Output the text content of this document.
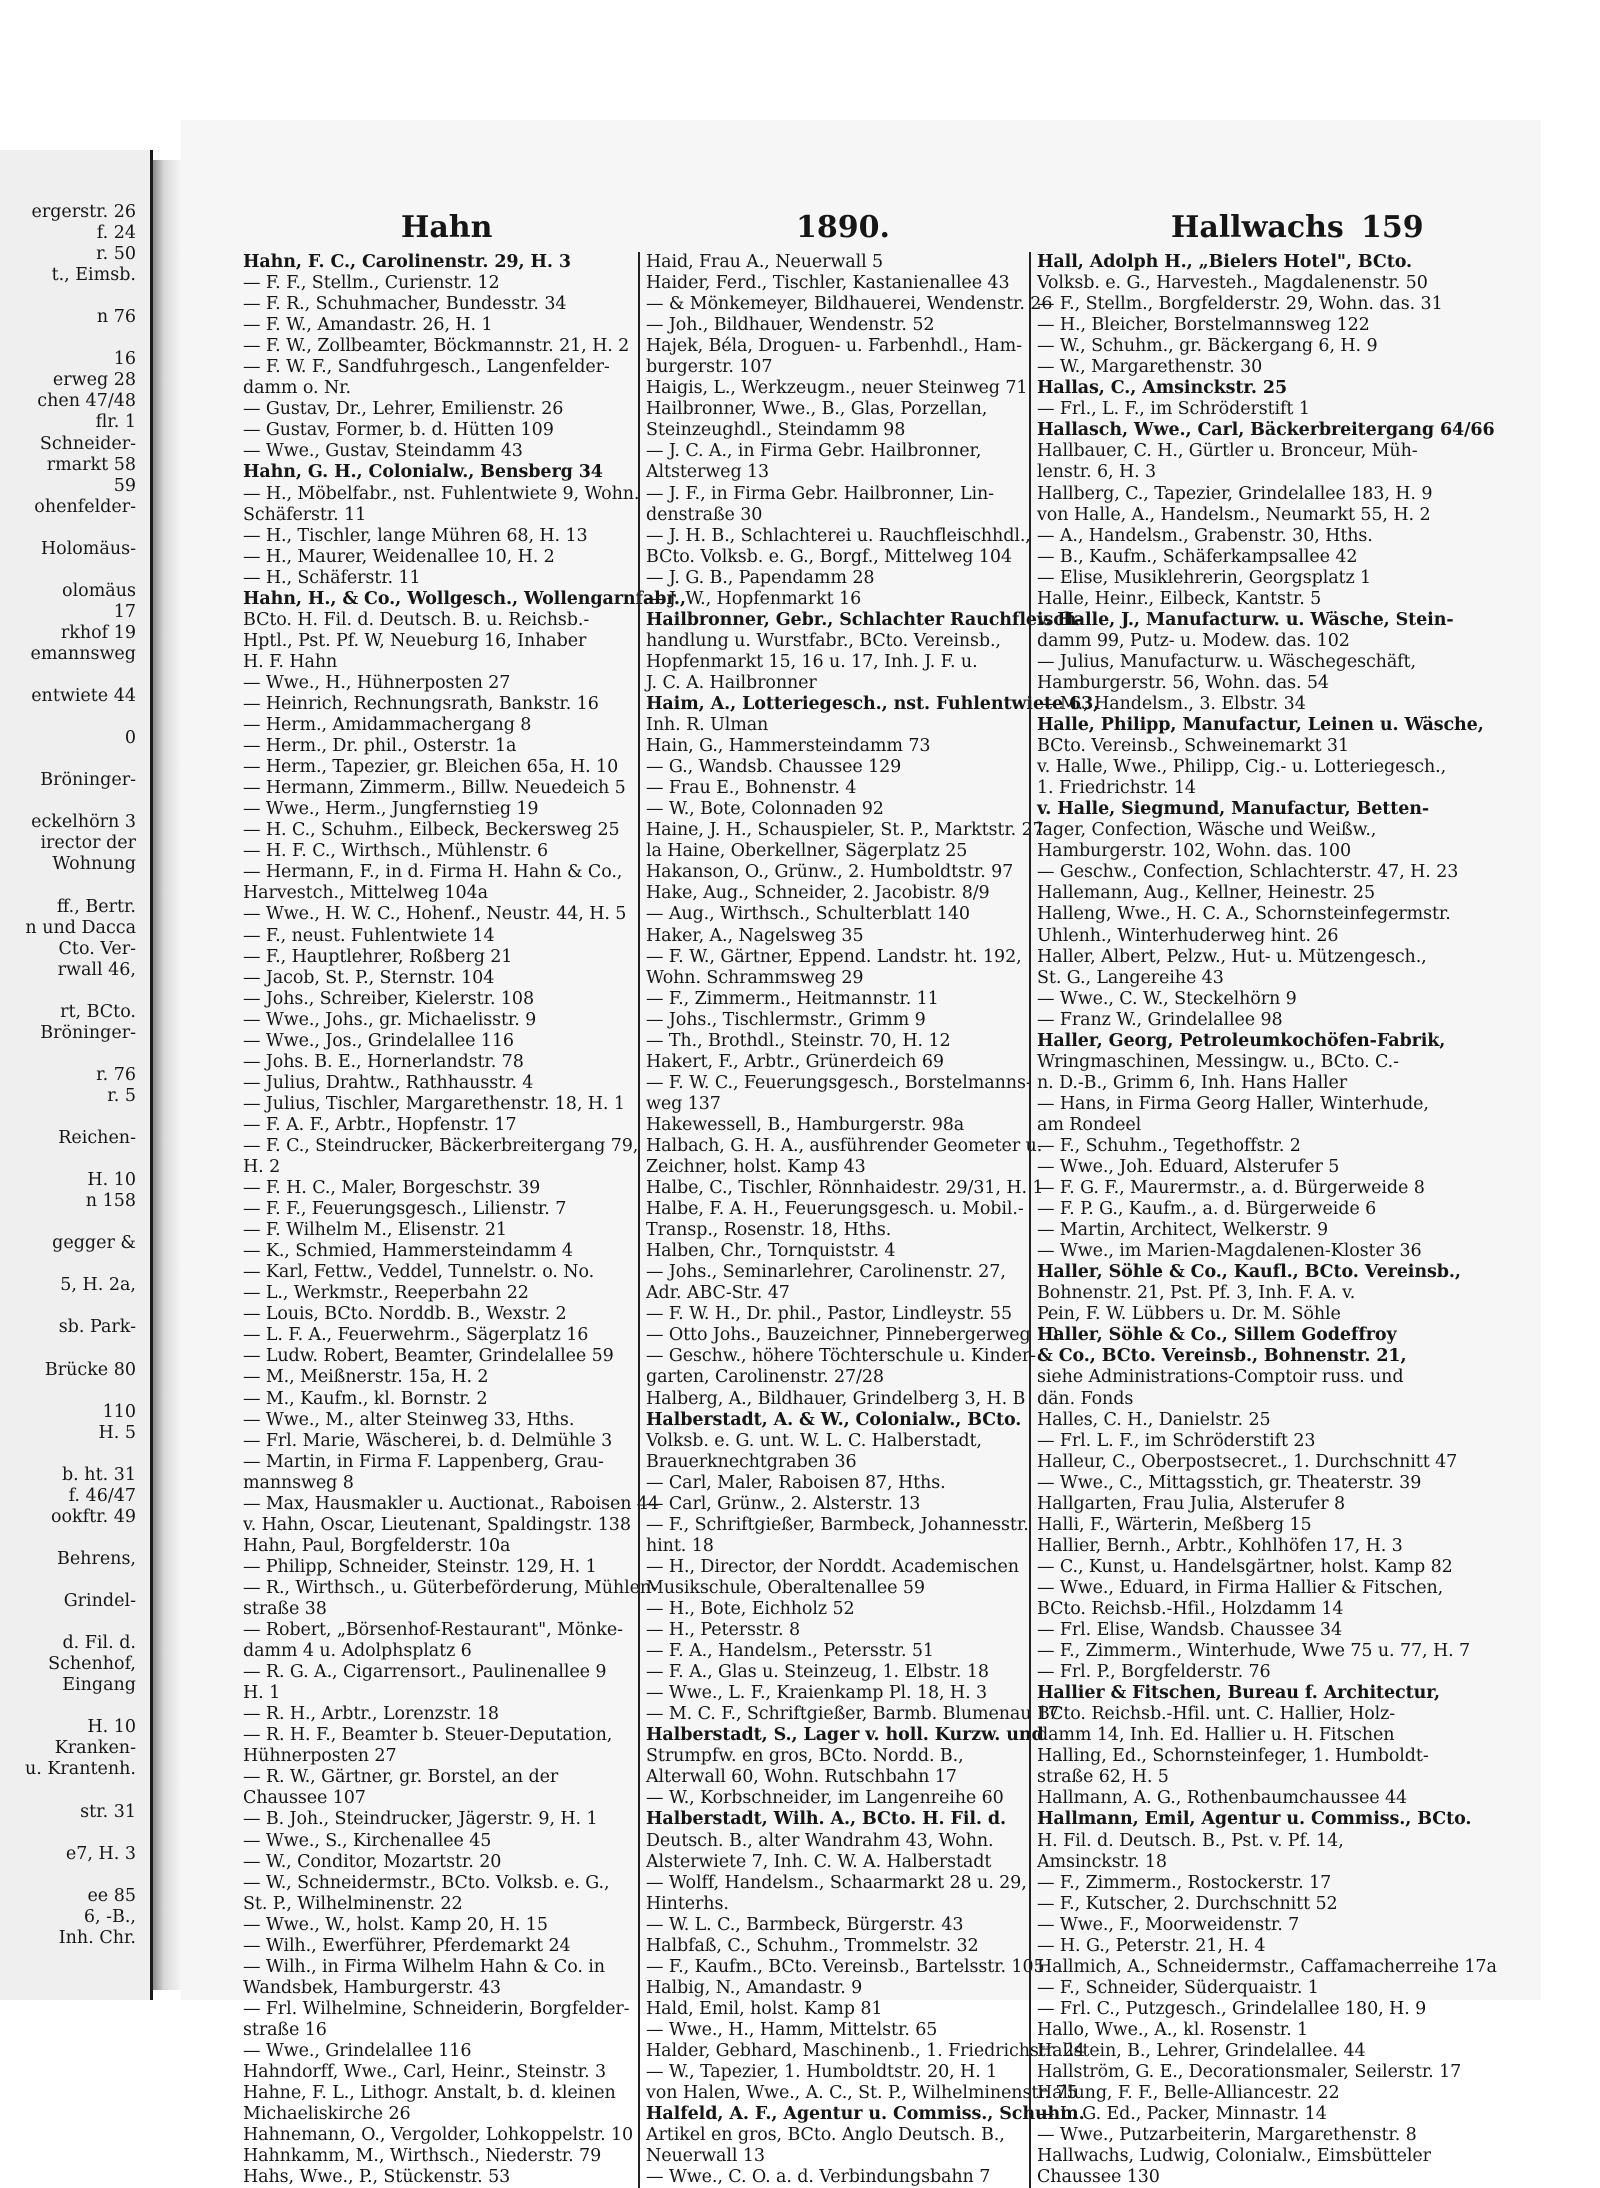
ergerstr. 26
f. 24
r. 50
t., Eimsb.

n 76

16
erweg 28
chen 47/48
flr. 1
Schneider-
rmarkt 58
59
ohenfelder-

Holomäus-

olomäus
17
rkhof 19
emannsweg

entwiete 44

0

Bröninger-

eckelhörn 3
irector der
Wohnung

ff., Bertr.
n und Dacca
Cto. Ver-
rwall 46,

rt, BCto.
Bröninger-

r. 76
r. 5

Reichen-

H. 10
n 158

gegger &

5, H. 2a,

sb. Park-

Brücke 80

110
H. 5

b. ht. 31
f. 46/47
ookftr. 49

Behrens,

Grindel-

d. Fil. d.
Schenhof,
Eingang

H. 10
Kranken-
u. Krantenh.

str. 31

e7, H. 3

ee 85
6, -B.,
Inh. Chr.
Hahn	1890.	Hallwachs 159
Hahn, F. C., Carolinenstr. 29, H. 3
— F. F., Stellm., Curienstr. 12
— F. R., Schuhmacher, Bundesstr. 34
— F. W., Amandastr. 26, H. 1
— F. W., Zollbeamter, Böckmannstr. 21, H. 2
— F. W. F., Sandfuhrgesch., Langenfelder-
damm o. Nr.
— Gustav, Dr., Lehrer, Emilienstr. 26
— Gustav, Former, b. d. Hütten 109
— Wwe., Gustav, Steindamm 43
Hahn, G. H., Colonialw., Bensberg 34
— H., Möbelfabr., nst. Fuhlentwiete 9, Wohn.
Schäferstr. 11
— H., Tischler, lange Mühren 68, H. 13
— H., Maurer, Weidenallee 10, H. 2
— H., Schäferstr. 11
Hahn, H., & Co., Wollgesch., Wollengarnfabr.,
BCto. H. Fil. d. Deutsch. B. u. Reichsb.-
Hptl., Pst. Pf. W, Neueburg 16, Inhaber
H. F. Hahn
— Wwe., H., Hühnerposten 27
— Heinrich, Rechnungsrath, Bankstr. 16
— Herm., Amidammachergang 8
— Herm., Dr. phil., Osterstr. 1a
— Herm., Tapezier, gr. Bleichen 65a, H. 10
— Hermann, Zimmerm., Billw. Neuedeich 5
— Wwe., Herm., Jungfernstieg 19
— H. C., Schuhm., Eilbeck, Beckersweg 25
— H. F. C., Wirthsch., Mühlenstr. 6
— Hermann, F., in d. Firma H. Hahn & Co.,
Harvestch., Mittelweg 104a
— Wwe., H. W. C., Hohenf., Neustr. 44, H. 5
— F., neust. Fuhlentwiete 14
— F., Hauptlehrer, Roßberg 21
— Jacob, St. P., Sternstr. 104
— Johs., Schreiber, Kielerstr. 108
— Wwe., Johs., gr. Michaelisstr. 9
— Wwe., Jos., Grindelallee 116
— Johs. B. E., Hornerlandstr. 78
— Julius, Drahtw., Rathhausstr. 4
— Julius, Tischler, Margarethenstr. 18, H. 1
— F. A. F., Arbtr., Hopfenstr. 17
— F. C., Steindrucker, Bäckerbreitergang 79,
H. 2
— F. H. C., Maler, Borgeschstr. 39
— F. F., Feuerungsgesch., Lilienstr. 7
— F. Wilhelm M., Elisenstr. 21
— K., Schmied, Hammersteindamm 4
— Karl, Fettw., Veddel, Tunnelstr. o. No.
— L., Werkmstr., Reeperbahn 22
— Louis, BCto. Norddb. B., Wexstr. 2
— L. F. A., Feuerwehrm., Sägerplatz 16
— Ludw. Robert, Beamter, Grindelallee 59
— M., Meißnerstr. 15a, H. 2
— M., Kaufm., kl. Bornstr. 2
— Wwe., M., alter Steinweg 33, Hths.
— Frl. Marie, Wäscherei, b. d. Delmühle 3
— Martin, in Firma F. Lappenberg, Grau-
mannsweg 8
— Max, Hausmakler u. Auctionat., Raboisen 44
v. Hahn, Oscar, Lieutenant, Spaldingstr. 138
Hahn, Paul, Borgfelderstr. 10a
— Philipp, Schneider, Steinstr. 129, H. 1
— R., Wirthsch., u. Güterbeförderung, Mühlen-
straße 38
— Robert, „Börsenhof-Restaurant", Mönke-
damm 4 u. Adolphsplatz 6
— R. G. A., Cigarrensort., Paulinenallee 9
H. 1
— R. H., Arbtr., Lorenzstr. 18
— R. H. F., Beamter b. Steuer-Deputation,
Hühnerposten 27
— R. W., Gärtner, gr. Borstel, an der
Chaussee 107
— B. Joh., Steindrucker, Jägerstr. 9, H. 1
— Wwe., S., Kirchenallee 45
— W., Conditor, Mozartstr. 20
— W., Schneidermstr., BCto. Volksb. e. G.,
St. P., Wilhelminenstr. 22
— Wwe., W., holst. Kamp 20, H. 15
— Wilh., Ewerführer, Pferdemarkt 24
— Wilh., in Firma Wilhelm Hahn & Co. in
Wandsbek, Hamburgerstr. 43
— Frl. Wilhelmine, Schneiderin, Borgfelder-
straße 16
— Wwe., Grindelallee 116
Hahndorff, Wwe., Carl, Heinr., Steinstr. 3
Hahne, F. L., Lithogr. Anstalt, b. d. kleinen
Michaeliskirche 26
Hahnemann, O., Vergolder, Lohkoppelstr. 10
Hahnkamm, M., Wirthsch., Niederstr. 79
Hahs, Wwe., P., Stückenstr. 53
Haid, Frau A., Neuerwall 5
Haider, Ferd., Tischler, Kastanienallee 43
— & Mönkemeyer, Bildhauerei, Wendenstr. 26
— Joh., Bildhauer, Wendenstr. 52
Hajek, Béla, Droguen- u. Farbenhdl., Ham-
burgerstr. 107
Haigis, L., Werkzeugm., neuer Steinweg 71
Hailbronner, Wwe., B., Glas, Porzellan,
Steinzeughdl., Steindamm 98
— J. C. A., in Firma Gebr. Hailbronner,
Altsterweg 13
— J. F., in Firma Gebr. Hailbronner, Lin-
denstraße 30
— J. H. B., Schlachterei u. Rauchfleischhdl.,
BCto. Volksb. e. G., Borgf., Mittelweg 104
— J. G. B., Papendamm 28
— J. W., Hopfenmarkt 16
Hailbronner, Gebr., Schlachter Rauchfleisch-
handlung u. Wurstfabr., BCto. Vereinsb.,
Hopfenmarkt 15, 16 u. 17, Inh. J. F. u.
J. C. A. Hailbronner
Haim, A., Lotteriegesch., nst. Fuhlentwiete 63,
Inh. R. Ulman
Hain, G., Hammersteindamm 73
— G., Wandsb. Chaussee 129
— Frau E., Bohnenstr. 4
— W., Bote, Colonnaden 92
Haine, J. H., Schauspieler, St. P., Marktstr. 27
la Haine, Oberkellner, Sägerplatz 25
Hakanson, O., Grünw., 2. Humboldtstr. 97
Hake, Aug., Schneider, 2. Jacobistr. 8/9
— Aug., Wirthsch., Schulterblatt 140
Haker, A., Nagelsweg 35
— F. W., Gärtner, Eppend. Landstr. ht. 192,
Wohn. Schrammsweg 29
— F., Zimmerm., Heitmannstr. 11
— Johs., Tischlermstr., Grimm 9
— Th., Brothdl., Steinstr. 70, H. 12
Hakert, F., Arbtr., Grünerdeich 69
— F. W. C., Feuerungsgesch., Borstelmanns-
weg 137
Hakewessell, B., Hamburgerstr. 98a
Halbach, G. H. A., ausführender Geometer u.
Zeichner, holst. Kamp 43
Halbe, C., Tischler, Rönnhaidestr. 29/31, H. 1
Halbe, F. A. H., Feuerungsgesch. u. Mobil.-
Transp., Rosenstr. 18, Hths.
Halben, Chr., Tornquiststr. 4
— Johs., Seminarlehrer, Carolinenstr. 27,
Adr. ABC-Str. 47
— F. W. H., Dr. phil., Pastor, Lindleystr. 55
— Otto Johs., Bauzeichner, Pinnebergerweg 10
— Geschw., höhere Töchterschule u. Kinder-
garten, Carolinenstr. 27/28
Halberg, A., Bildhauer, Grindelberg 3, H. B
Halberstadt, A. & W., Colonialw., BCto.
Volksb. e. G. unt. W. L. C. Halberstadt,
Brauerknechtgraben 36
— Carl, Maler, Raboisen 87, Hths.
— Carl, Grünw., 2. Alsterstr. 13
— F., Schriftgießer, Barmbeck, Johannesstr.
hint. 18
— H., Director, der Norddt. Academischen
Musikschule, Oberaltenallee 59
— H., Bote, Eichholz 52
— H., Petersstr. 8
— F. A., Handelsm., Petersstr. 51
— F. A., Glas u. Steinzeug, 1. Elbstr. 18
— Wwe., L. F., Kraienkamp Pl. 18, H. 3
— M. C. F., Schriftgießer, Barmb. Blumenau 17
Halberstadt, S., Lager v. holl. Kurzw. und
Strumpfw. en gros, BCto. Nordd. B.,
Alterwall 60, Wohn. Rutschbahn 17
— W., Korbschneider, im Langenreihe 60
Halberstadt, Wilh. A., BCto. H. Fil. d.
Deutsch. B., alter Wandrahm 43, Wohn.
Alsterwiete 7, Inh. C. W. A. Halberstadt
— Wolff, Handelsm., Schaarmarkt 28 u. 29,
Hinterhs.
— W. L. C., Barmbeck, Bürgerstr. 43
Halbfaß, C., Schuhm., Trommelstr. 32
— F., Kaufm., BCto. Vereinsb., Bartelsstr. 105
Halbig, N., Amandastr. 9
Hald, Emil, holst. Kamp 81
— Wwe., H., Hamm, Mittelstr. 65
Halder, Gebhard, Maschinenb., 1. Friedrichstr. 24
— W., Tapezier, 1. Humboldtstr. 20, H. 1
von Halen, Wwe., A. C., St. P., Wilhelminenstr. 75
Halfeld, A. F., Agentur u. Commiss., Schuhm.
Artikel en gros, BCto. Anglo Deutsch. B.,
Neuerwall 13
— Wwe., C. O. a. d. Verbindungsbahn 7
Hall, Adolph H., „Bielers Hotel", BCto.
Volksb. e. G., Harvesteh., Magdalenenstr. 50
— F., Stellm., Borgfelderstr. 29, Wohn. das. 31
— H., Bleicher, Borstelmannsweg 122
— W., Schuhm., gr. Bäckergang 6, H. 9
— W., Margarethenstr. 30
Hallas, C., Amsinckstr. 25
— Frl., L. F., im Schröderstift 1
Hallasch, Wwe., Carl, Bäckerbreitergang 64/66
Hallbauer, C. H., Gürtler u. Bronceur, Müh-
lenstr. 6, H. 3
Hallberg, C., Tapezier, Grindelallee 183, H. 9
von Halle, A., Handelsm., Neumarkt 55, H. 2
— A., Handelsm., Grabenstr. 30, Hths.
— B., Kaufm., Schäferkampsallee 42
— Elise, Musiklehrerin, Georgsplatz 1
Halle, Heinr., Eilbeck, Kantstr. 5
v. Halle, J., Manufacturw. u. Wäsche, Stein-
damm 99, Putz- u. Modew. das. 102
— Julius, Manufacturw. u. Wäschegeschäft,
Hamburgerstr. 56, Wohn. das. 54
— M., Handelsm., 3. Elbstr. 34
Halle, Philipp, Manufactur, Leinen u. Wäsche,
BCto. Vereinsb., Schweinemarkt 31
v. Halle, Wwe., Philipp, Cig.- u. Lotteriegesch.,
1. Friedrichstr. 14
v. Halle, Siegmund, Manufactur, Betten-
lager, Confection, Wäsche und Weißw.,
Hamburgerstr. 102, Wohn. das. 100
— Geschw., Confection, Schlachterstr. 47, H. 23
Hallemann, Aug., Kellner, Heinestr. 25
Halleng, Wwe., H. C. A., Schornsteinfegermstr.
Uhlenh., Winterhuderweg hint. 26
Haller, Albert, Pelzw., Hut- u. Mützengesch.,
St. G., Langereihe 43
— Wwe., C. W., Steckelhörn 9
— Franz W., Grindelallee 98
Haller, Georg, Petroleumkochöfen-Fabrik,
Wringmaschinen, Messingw. u., BCto. C.-
n. D.-B., Grimm 6, Inh. Hans Haller
— Hans, in Firma Georg Haller, Winterhude,
am Rondeel
— F., Schuhm., Tegethoffstr. 2
— Wwe., Joh. Eduard, Alsterufer 5
— F. G. F., Maurermstr., a. d. Bürgerweide 8
— F. P. G., Kaufm., a. d. Bürgerweide 6
— Martin, Architect, Welkerstr. 9
— Wwe., im Marien-Magdalenen-Kloster 36
Haller, Söhle & Co., Kaufl., BCto. Vereinsb.,
Bohnenstr. 21, Pst. Pf. 3, Inh. F. A. v.
Pein, F. W. Lübbers u. Dr. M. Söhle
Haller, Söhle & Co., Sillem Godeffroy
& Co., BCto. Vereinsb., Bohnenstr. 21,
siehe Administrations-Comptoir russ. und
dän. Fonds
Halles, C. H., Danielstr. 25
— Frl. L. F., im Schröderstift 23
Halleur, C., Oberpostsecret., 1. Durchschnitt 47
— Wwe., C., Mittagsstich, gr. Theaterstr. 39
Hallgarten, Frau Julia, Alsterufer 8
Halli, F., Wärterin, Meßberg 15
Hallier, Bernh., Arbtr., Kohlhöfen 17, H. 3
— C., Kunst, u. Handelsgärtner, holst. Kamp 82
— Wwe., Eduard, in Firma Hallier & Fitschen,
BCto. Reichsb.-Hfil., Holzdamm 14
— Frl. Elise, Wandsb. Chaussee 34
— F., Zimmerm., Winterhude, Wwe 75 u. 77, H. 7
— Frl. P., Borgfelderstr. 76
Hallier & Fitschen, Bureau f. Architectur,
BCto. Reichsb.-Hfil. unt. C. Hallier, Holz-
damm 14, Inh. Ed. Hallier u. H. Fitschen
Halling, Ed., Schornsteinfeger, 1. Humboldt-
straße 62, H. 5
Hallmann, A. G., Rothenbaumchaussee 44
Hallmann, Emil, Agentur u. Commiss., BCto.
H. Fil. d. Deutsch. B., Pst. v. Pf. 14,
Amsinckstr. 18
— F., Zimmerm., Rostockerstr. 17
— F., Kutscher, 2. Durchschnitt 52
— Wwe., F., Moorweidenstr. 7
— H. G., Peterstr. 21, H. 4
Hallmich, A., Schneidermstr., Caffamacherreihe 17a
— F., Schneider, Süderquaistr. 1
— Frl. C., Putzgesch., Grindelallee 180, H. 9
Hallo, Wwe., A., kl. Rosenstr. 1
Hallstein, B., Lehrer, Grindelallee. 44
Hallström, G. E., Decorationsmaler, Seilerstr. 17
Hallung, F. F., Belle-Alliancestr. 22
— L. G. Ed., Packer, Minnastr. 14
— Wwe., Putzarbeiterin, Margarethenstr. 8
Hallwachs, Ludwig, Colonialw., Eimsbütteler
Chaussee 130
